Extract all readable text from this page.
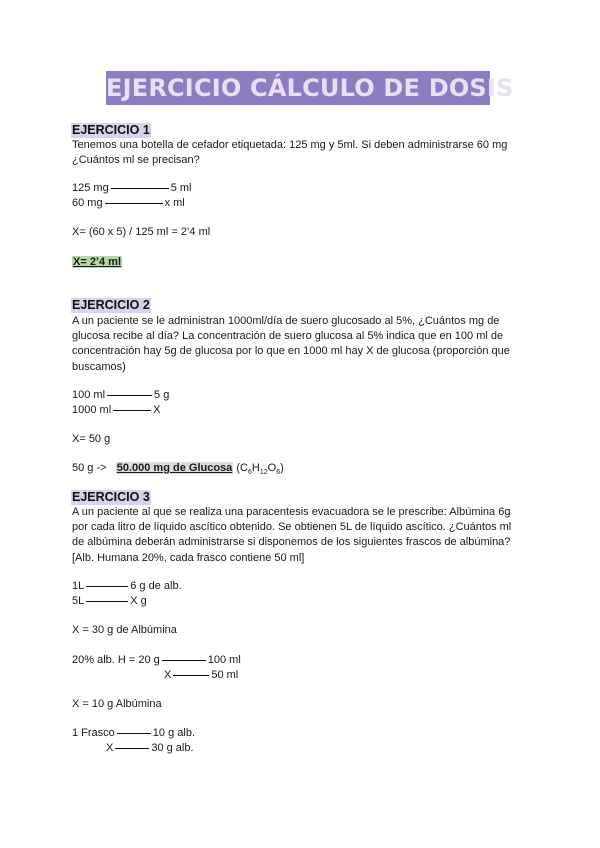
EJERCICIO CÁLCULO DE DOSIS
EJERCICIO 1
Tenemos una botella de cefador etiquetada: 125 mg y 5ml. Si deben administrarse 60 mg ¿Cuántos ml se precisan?
125 mg	5 ml
60 mg	x ml
X= (60 x 5) / 125 ml = 2’4 ml
X= 2’4 ml
EJERCICIO 2
A un paciente se le administran 1000ml/día de suero glucosado al 5%, ¿Cuántos mg de glucosa recibe al día? La concentración de suero glucosa al 5% indica que en 100 ml de concentración hay 5g de glucosa por lo que en 1000 ml hay X de glucosa (proporción que buscamos)
100 ml	5 g
1000 ml	X
X= 50 g
50 g -> 50.000 mg de Glucosa $(C_6H_{12}O_6)$
EJERCICIO 3
A un paciente al que se realiza una paracentesis evacuadora se le prescribe: Albúmina 6g por cada litro de líquido ascítico obtenido. Se obtienen 5L de líquido ascítico. ¿Cuántos ml de albúmina deberán administrarse si disponemos de los siguientes frascos de albúmina? [Alb. Humana 20%, cada frasco contiene 50 ml]
1L	6 g de alb.
5L	X g
X = 30 g de Albúmina
20% alb. H = 20 g	100 ml
X	50 ml
X = 10 g Albúmina
1 Frasco	10 g alb.
X	30 g alb.
